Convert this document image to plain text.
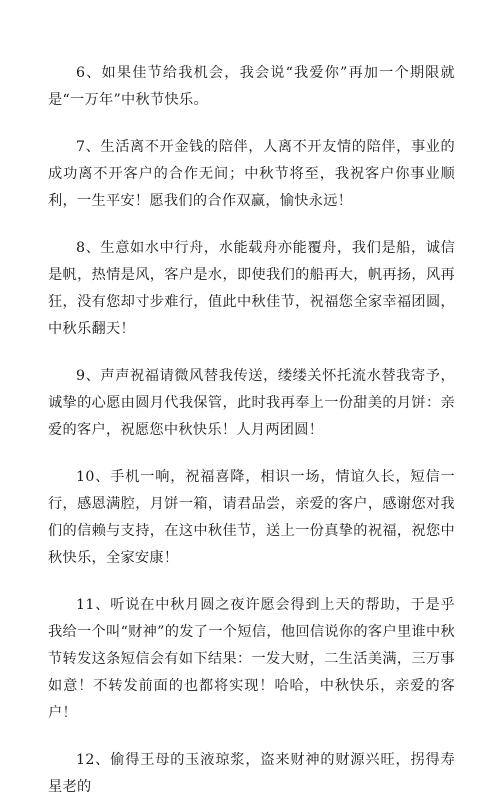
6、如果佳节给我机会，我会说“我爱你”再加一个期限就是“一万年”中秋节快乐。

7、生活离不开金钱的陪伴，人离不开友情的陪伴，事业的成功离不开客户的合作无间；中秋节将至，我祝客户你事业顺利，一生平安！愿我们的合作双赢，愉快永远！

8、生意如水中行舟，水能载舟亦能覆舟，我们是船，诚信是帆，热情是风，客户是水，即使我们的船再大，帆再扬，风再狂，没有您却寸步难行，值此中秋佳节，祝福您全家幸福团圆，中秋乐翻天！

9、声声祝福请微风替我传送，缕缕关怀托流水替我寄予，诚挚的心愿由圆月代我保管，此时我再奉上一份甜美的月饼：亲爱的客户，祝愿您中秋快乐！人月两团圆！

10、手机一响，祝福喜降，相识一场，情谊久长，短信一行，感恩满腔，月饼一箱，请君品尝，亲爱的客户，感谢您对我们的信赖与支持，在这中秋佳节，送上一份真挚的祝福，祝您中秋快乐，全家安康！

11、听说在中秋月圆之夜许愿会得到上天的帮助，于是乎我给一个叫“财神”的发了一个短信，他回信说你的客户里谁中秋节转发这条短信会有如下结果：一发大财，二生活美满，三万事如意！不转发前面的也都将实现！哈哈，中秋快乐，亲爱的客户！

12、偷得王母的玉液琼浆，盗来财神的财源兴旺，拐得寿星老的
